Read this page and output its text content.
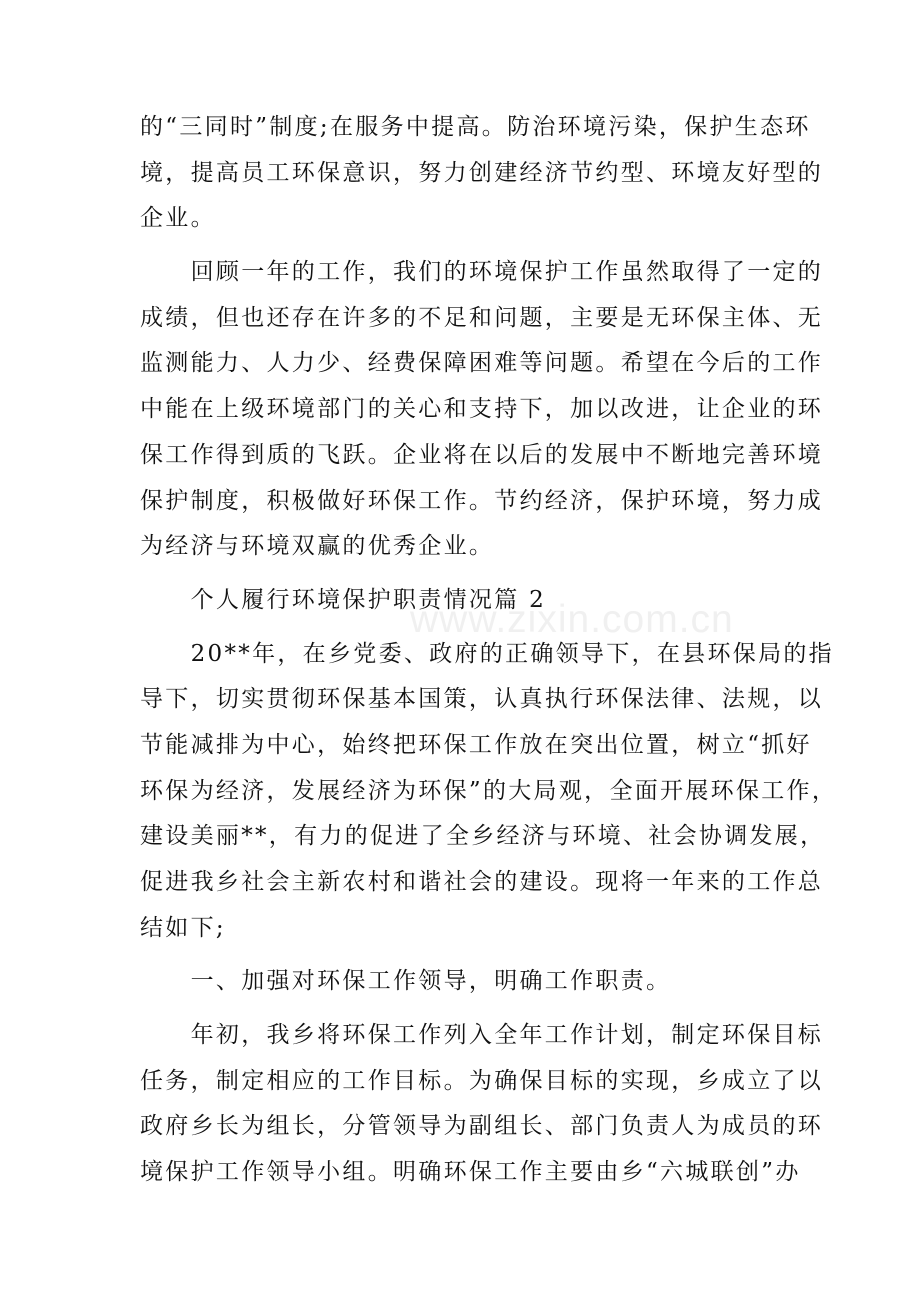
的“三同时”制度;在服务中提高。防治环境污染，保护生态环
境，提高员工环保意识，努力创建经济节约型、环境友好型的
企业。
　　回顾一年的工作，我们的环境保护工作虽然取得了一定的
成绩，但也还存在许多的不足和问题，主要是无环保主体、无
监测能力、人力少、经费保障困难等问题。希望在今后的工作
中能在上级环境部门的关心和支持下，加以改进，让企业的环
保工作得到质的飞跃。企业将在以后的发展中不断地完善环境
保护制度，积极做好环保工作。节约经济，保护环境，努力成
为经济与环境双赢的优秀企业。
　　个人履行环境保护职责情况篇 2
　　20**年，在乡党委、政府的正确领导下，在县环保局的指
导下，切实贯彻环保基本国策，认真执行环保法律、法规，以
节能减排为中心，始终把环保工作放在突出位置，树立“抓好
环保为经济，发展经济为环保”的大局观，全面开展环保工作，
建设美丽**，有力的促进了全乡经济与环境、社会协调发展，
促进我乡社会主新农村和谐社会的建设。现将一年来的工作总
结如下;
　　一、加强对环保工作领导，明确工作职责。
　　年初，我乡将环保工作列入全年工作计划，制定环保目标
任务，制定相应的工作目标。为确保目标的实现，乡成立了以
政府乡长为组长，分管领导为副组长、部门负责人为成员的环
境保护工作领导小组。明确环保工作主要由乡“六城联创”办
www.zixin.com.cn
